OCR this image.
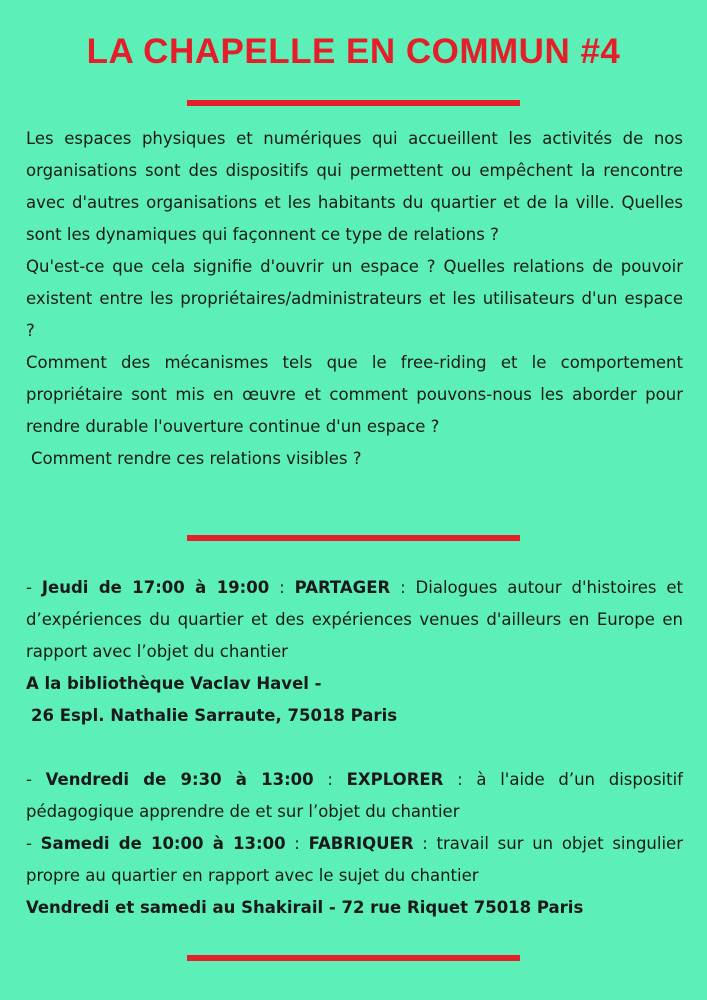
LA CHAPELLE EN COMMUN #4

Les espaces physiques et numériques qui accueillent les activités de nos organisations sont des dispositifs qui permettent ou empêchent la rencontre avec d'autres organisations et les habitants du quartier et de la ville. Quelles sont les dynamiques qui façonnent ce type de relations ?

Qu'est-ce que cela signifie d'ouvrir un espace ? Quelles relations de pouvoir existent entre les propriétaires/administrateurs et les utilisateurs d'un espace ?

Comment des mécanismes tels que le free-riding et le comportement propriétaire sont mis en œuvre et comment pouvons-nous les aborder pour rendre durable l'ouverture continue d'un espace ?

Comment rendre ces relations visibles ?

- Jeudi de 17:00 à 19:00 : PARTAGER : Dialogues autour d'histoires et d’expériences du quartier et des expériences venues d'ailleurs en Europe en rapport avec l’objet du chantier

A la bibliothèque Vaclav Havel -

26 Espl. Nathalie Sarraute, 75018 Paris

- Vendredi de 9:30 à 13:00 : EXPLORER : à l'aide d’un dispositif pédagogique apprendre de et sur l’objet du chantier

- Samedi de 10:00 à 13:00 : FABRIQUER : travail sur un objet singulier propre au quartier en rapport avec le sujet du chantier

Vendredi et samedi au Shakirail - 72 rue Riquet 75018 Paris
